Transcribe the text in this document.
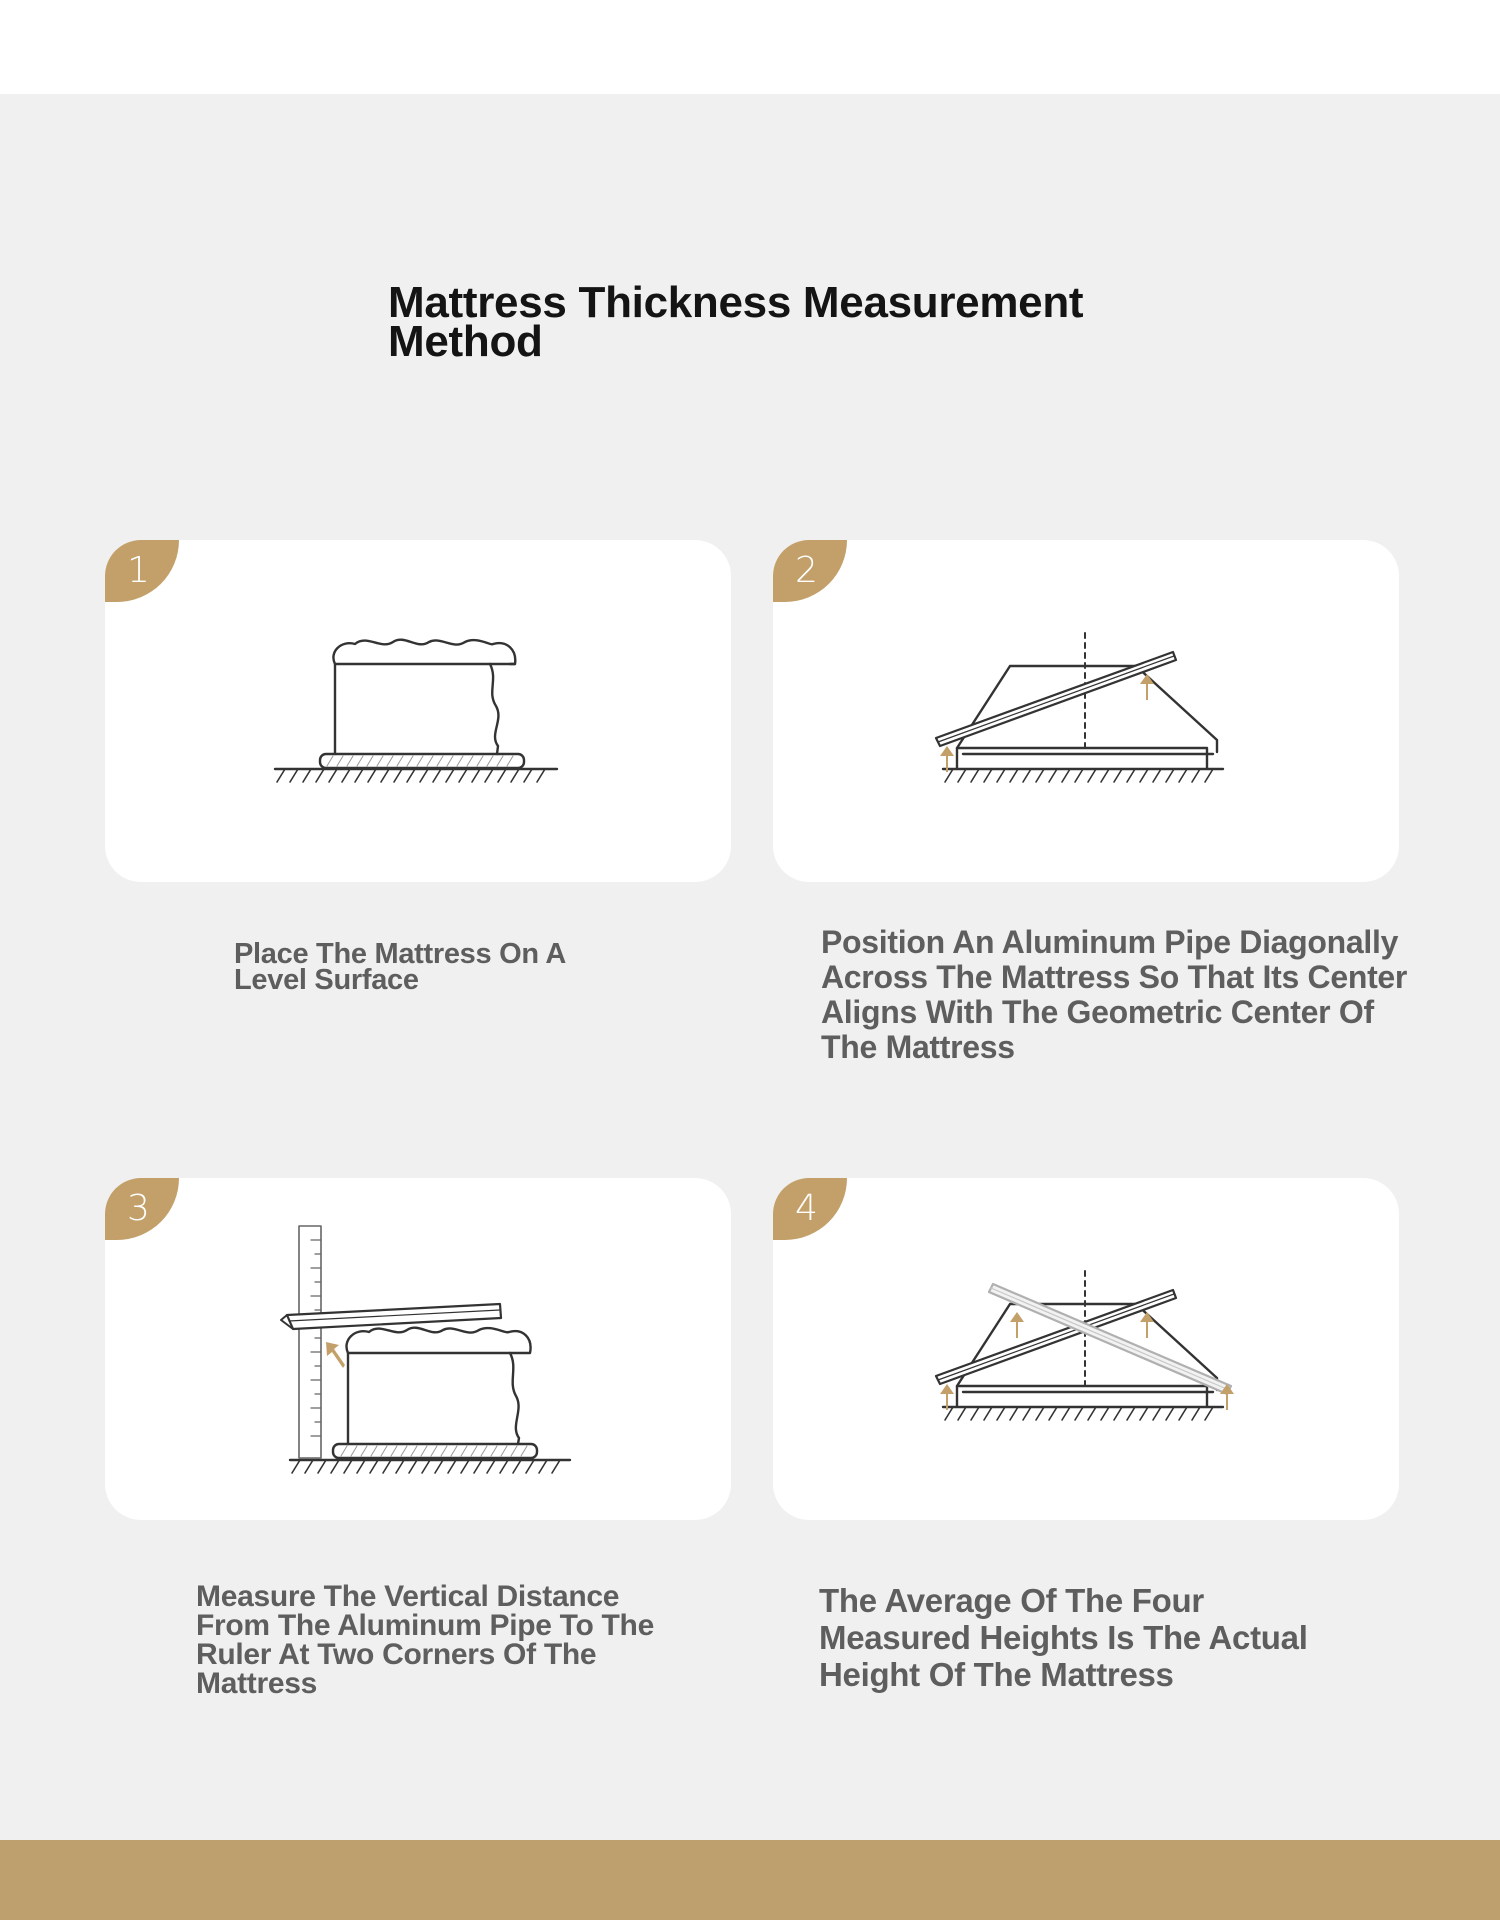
Mattress Thickness Measurement Method
1	2
3	4

Place The Mattress On A Level Surface

Position An Aluminum Pipe Diagonally Across The Mattress So That Its Center Aligns With The Geometric Center Of The Mattress

Measure The Vertical Distance From The Aluminum Pipe To The Ruler At Two Corners Of The Mattress

The Average Of The Four Measured Heights Is The Actual Height Of The Mattress
